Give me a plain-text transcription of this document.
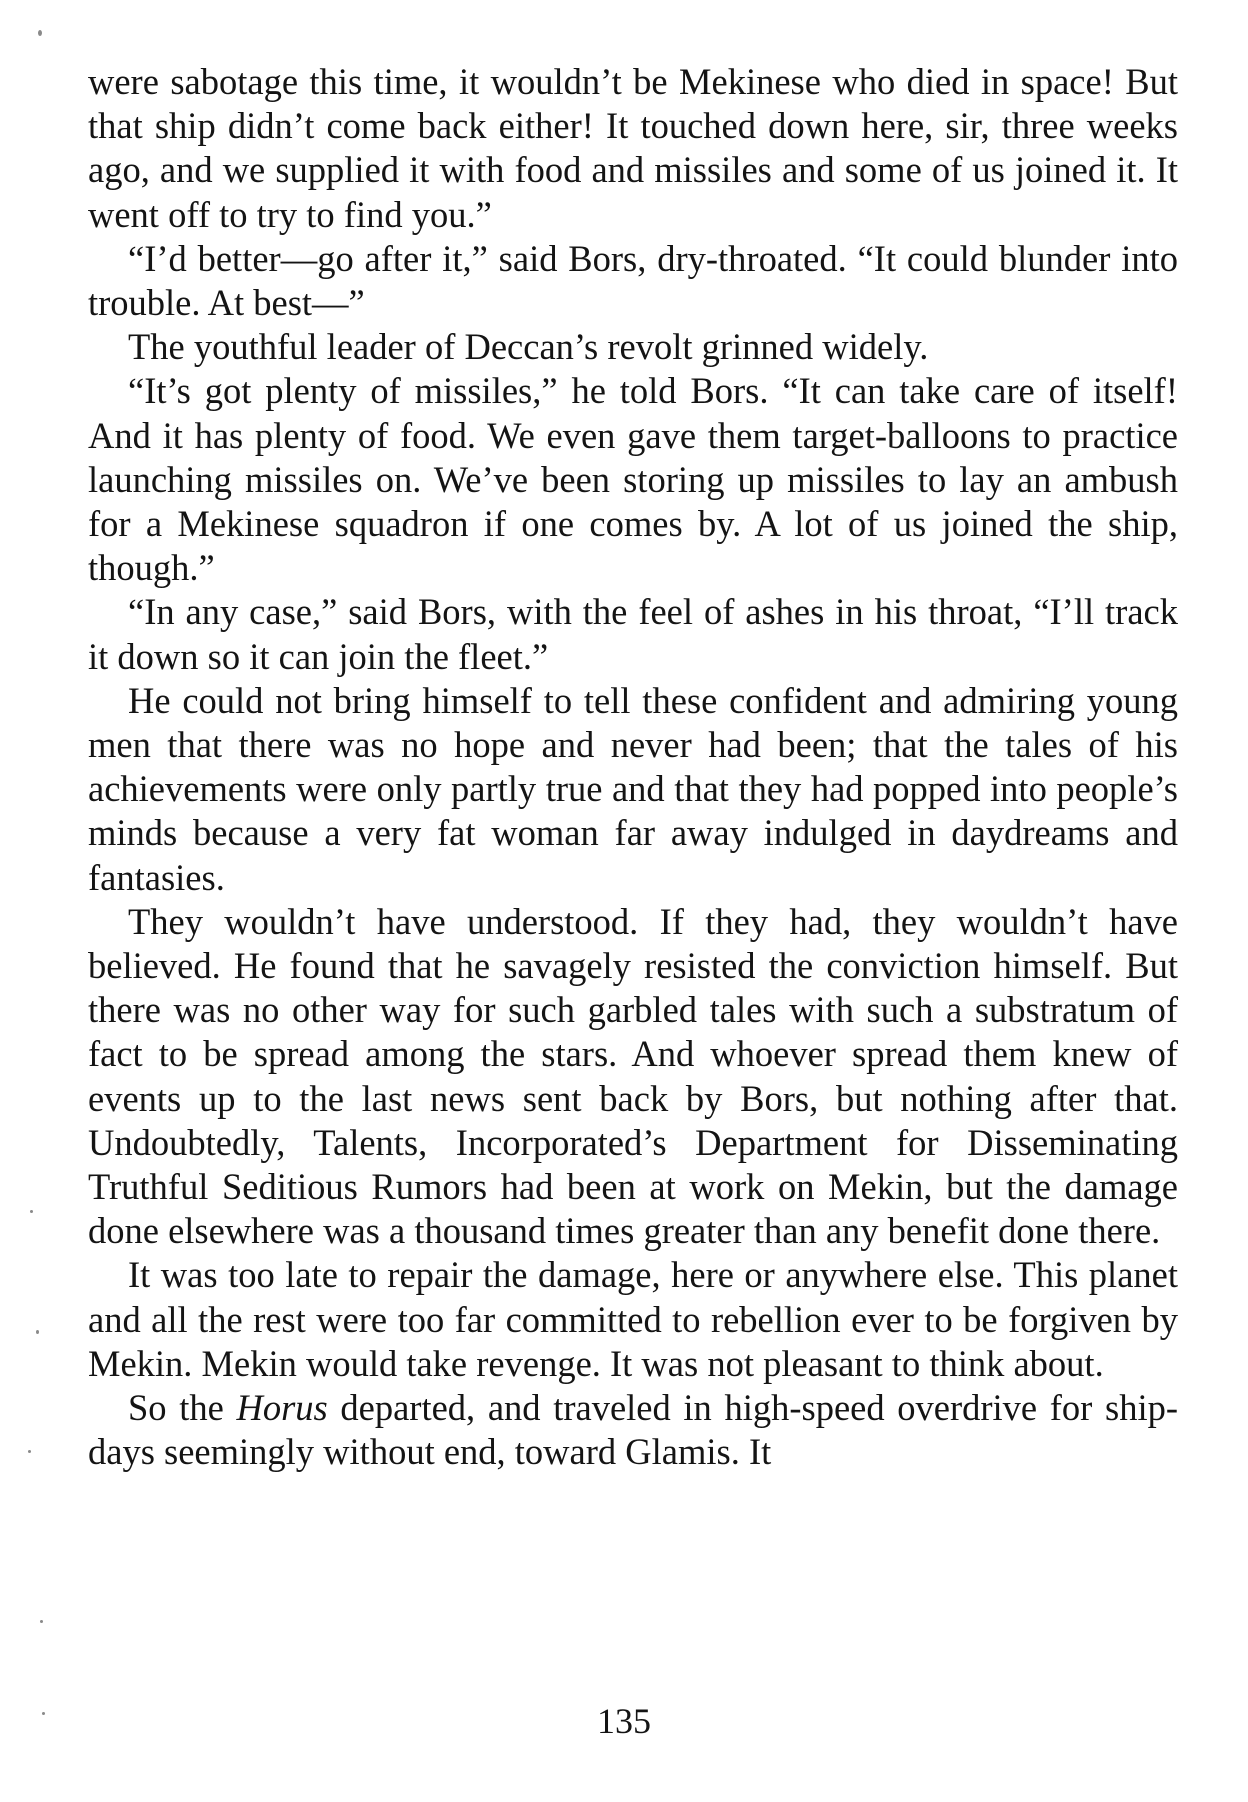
were sabotage this time, it wouldn’t be Mekinese who died in space! But that ship didn’t come back either! It touched down here, sir, three weeks ago, and we supplied it with food and missiles and some of us joined it. It went off to try to find you.”

“I’d better—go after it,” said Bors, dry-throated. “It could blunder into trouble. At best—”

The youthful leader of Deccan’s revolt grinned widely.

“It’s got plenty of missiles,” he told Bors. “It can take care of itself! And it has plenty of food. We even gave them target-balloons to practice launching missiles on. We’ve been storing up missiles to lay an ambush for a Mekinese squadron if one comes by. A lot of us joined the ship, though.”

“In any case,” said Bors, with the feel of ashes in his throat, “I’ll track it down so it can join the fleet.”

He could not bring himself to tell these confident and admiring young men that there was no hope and never had been; that the tales of his achievements were only partly true and that they had popped into people’s minds because a very fat woman far away indulged in daydreams and fantasies.

They wouldn’t have understood. If they had, they wouldn’t have believed. He found that he savagely resisted the conviction himself. But there was no other way for such garbled tales with such a substratum of fact to be spread among the stars. And whoever spread them knew of events up to the last news sent back by Bors, but nothing after that. Undoubtedly, Talents, Incorporated’s Department for Disseminating Truthful Seditious Rumors had been at work on Mekin, but the damage done elsewhere was a thousand times greater than any benefit done there.

It was too late to repair the damage, here or anywhere else. This planet and all the rest were too far committed to rebellion ever to be forgiven by Mekin. Mekin would take revenge. It was not pleasant to think about.

So the Horus departed, and traveled in high-speed overdrive for ship-days seemingly without end, toward Glamis. It

135
